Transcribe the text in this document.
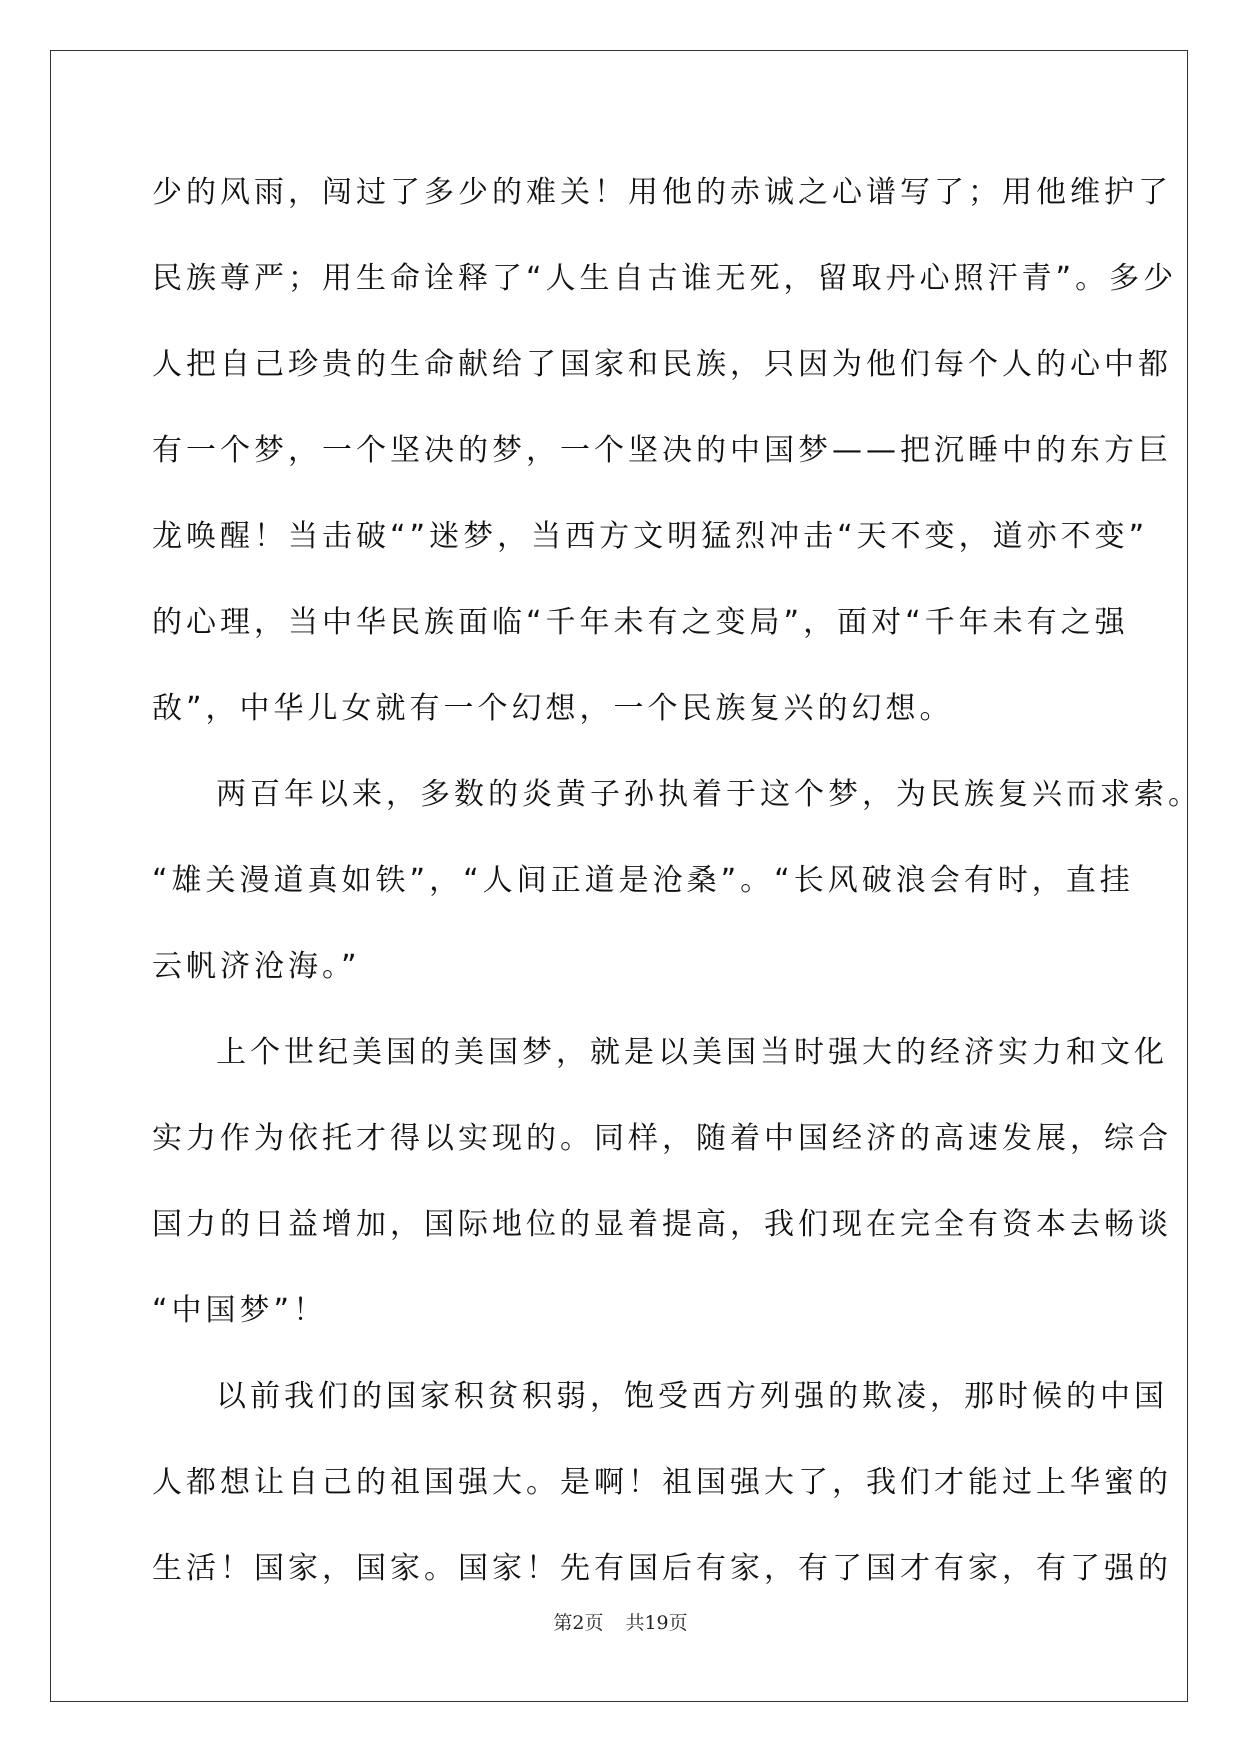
少的风雨，闯过了多少的难关！用他的赤诚之心谱写了；用他维护了
民族尊严；用生命诠释了“人生自古谁无死，留取丹心照汗青”。多少
人把自己珍贵的生命献给了国家和民族，只因为他们每个人的心中都
有一个梦，一个坚决的梦，一个坚决的中国梦——把沉睡中的东方巨
龙唤醒！当击破“”迷梦，当西方文明猛烈冲击“天不变，道亦不变”
的心理，当中华民族面临“千年未有之变局”，面对“千年未有之强
敌”，中华儿女就有一个幻想，一个民族复兴的幻想。
两百年以来，多数的炎黄子孙执着于这个梦，为民族复兴而求索。
“雄关漫道真如铁”，“人间正道是沧桑”。“长风破浪会有时，直挂
云帆济沧海。”
上个世纪美国的美国梦，就是以美国当时强大的经济实力和文化
实力作为依托才得以实现的。同样，随着中国经济的高速发展，综合
国力的日益增加，国际地位的显着提高，我们现在完全有资本去畅谈
“中国梦”！
以前我们的国家积贫积弱，饱受西方列强的欺凌，那时候的中国
人都想让自己的祖国强大。是啊！祖国强大了，我们才能过上华蜜的
生活！国家，国家。国家！先有国后有家，有了国才有家，有了强的
第2页 共19页
